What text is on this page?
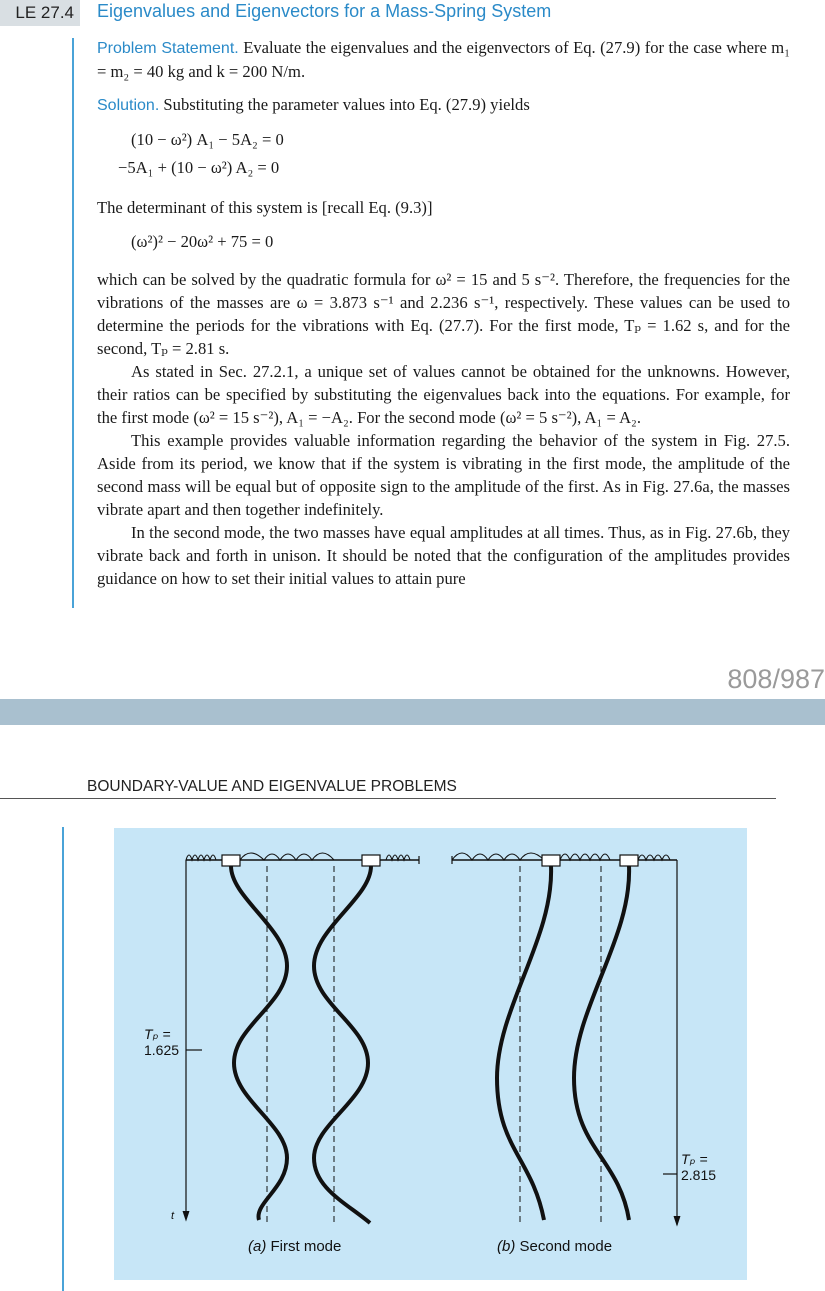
LE 27.4	Eigenvalues and Eigenvectors for a Mass-Spring System

Problem Statement. Evaluate the eigenvalues and the eigenvectors of Eq. (27.9) for the case where m₁ = m₂ = 40 kg and k = 200 N/m.

Solution. Substituting the parameter values into Eq. (27.9) yields

(10 − ω²) A₁ − 5A₂ = 0
−5A₁ + (10 − ω²) A₂ = 0

The determinant of this system is [recall Eq. (9.3)]

(ω²)² − 20ω² + 75 = 0

which can be solved by the quadratic formula for ω² = 15 and 5 s⁻². Therefore, the frequencies for the vibrations of the masses are ω = 3.873 s⁻¹ and 2.236 s⁻¹, respectively. These values can be used to determine the periods for the vibrations with Eq. (27.7). For the first mode, Tₚ = 1.62 s, and for the second, Tₚ = 2.81 s.

As stated in Sec. 27.2.1, a unique set of values cannot be obtained for the unknowns. However, their ratios can be specified by substituting the eigenvalues back into the equations. For example, for the first mode (ω² = 15 s⁻²), A₁ = −A₂. For the second mode (ω² = 5 s⁻²), A₁ = A₂.

This example provides valuable information regarding the behavior of the system in Fig. 27.5. Aside from its period, we know that if the system is vibrating in the first mode, the amplitude of the second mass will be equal but of opposite sign to the amplitude of the first. As in Fig. 27.6a, the masses vibrate apart and then together indefinitely.

In the second mode, the two masses have equal amplitudes at all times. Thus, as in Fig. 27.6b, they vibrate back and forth in unison. It should be noted that the configuration of the amplitudes provides guidance on how to set their initial values to attain pure

808/987
BOUNDARY-VALUE AND EIGENVALUE PROBLEMS
Tₚ =
1.625
Tₚ =
2.815
t
(a) First mode	(b) Second mode
